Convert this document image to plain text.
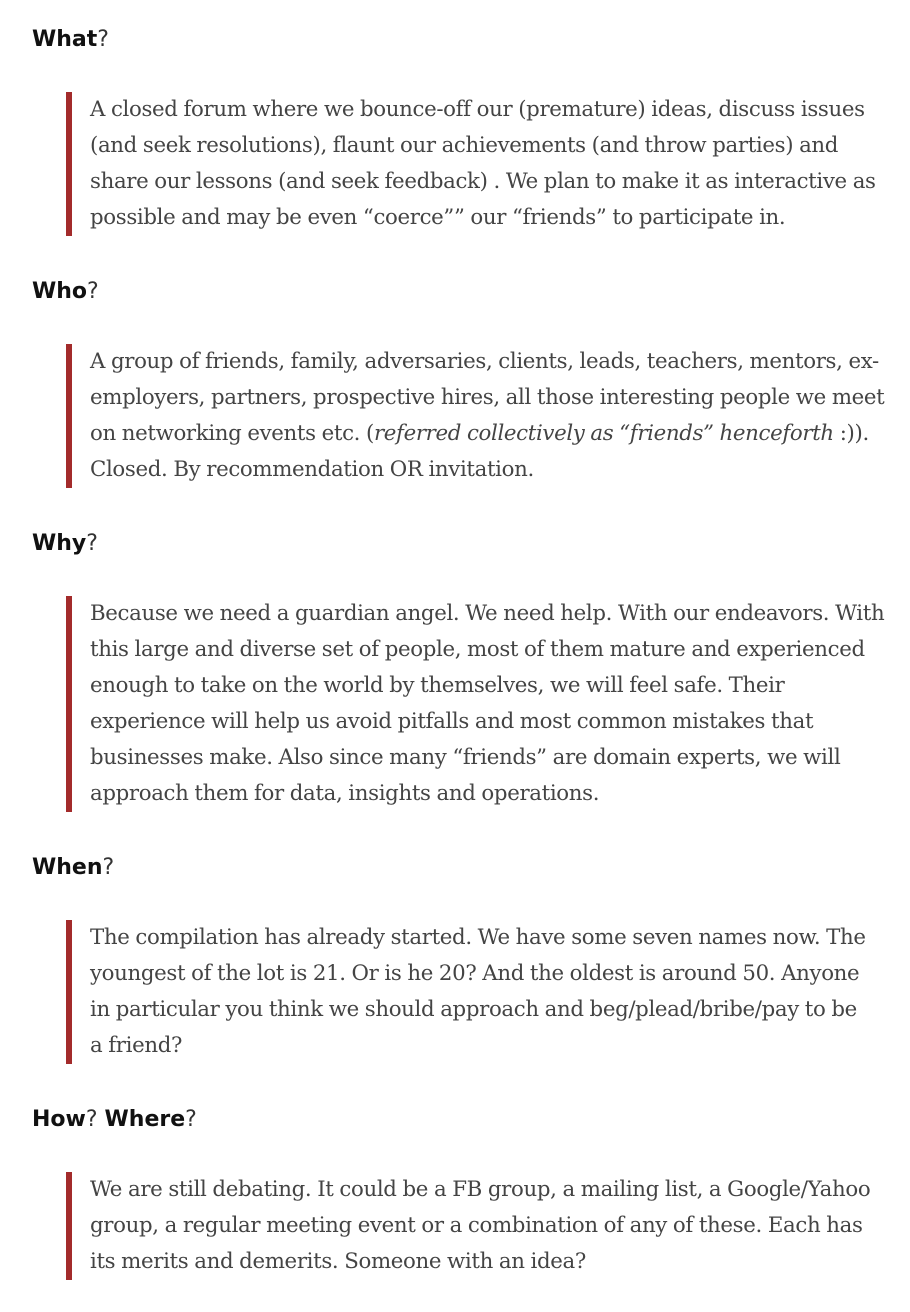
What?
A closed forum where we bounce-off our (premature) ideas, discuss issues
(and seek resolutions), flaunt our achievements (and throw parties) and
share our lessons (and seek feedback) . We plan to make it as interactive as
possible and may be even “coerce”” our “friends” to participate in.
Who?
A group of friends, family, adversaries, clients, leads, teachers, mentors, ex-
employers, partners, prospective hires, all those interesting people we meet
on networking events etc. (referred collectively as “friends” henceforth :)).
Closed. By recommendation OR invitation.
Why?
Because we need a guardian angel. We need help. With our endeavors. With
this large and diverse set of people, most of them mature and experienced
enough to take on the world by themselves, we will feel safe. Their
experience will help us avoid pitfalls and most common mistakes that
businesses make. Also since many “friends” are domain experts, we will
approach them for data, insights and operations.
When?
The compilation has already started. We have some seven names now. The
youngest of the lot is 21. Or is he 20? And the oldest is around 50. Anyone
in particular you think we should approach and beg/plead/bribe/pay to be
a friend?
How? Where?
We are still debating. It could be a FB group, a mailing list, a Google/Yahoo
group, a regular meeting event or a combination of any of these. Each has
its merits and demerits. Someone with an idea?
